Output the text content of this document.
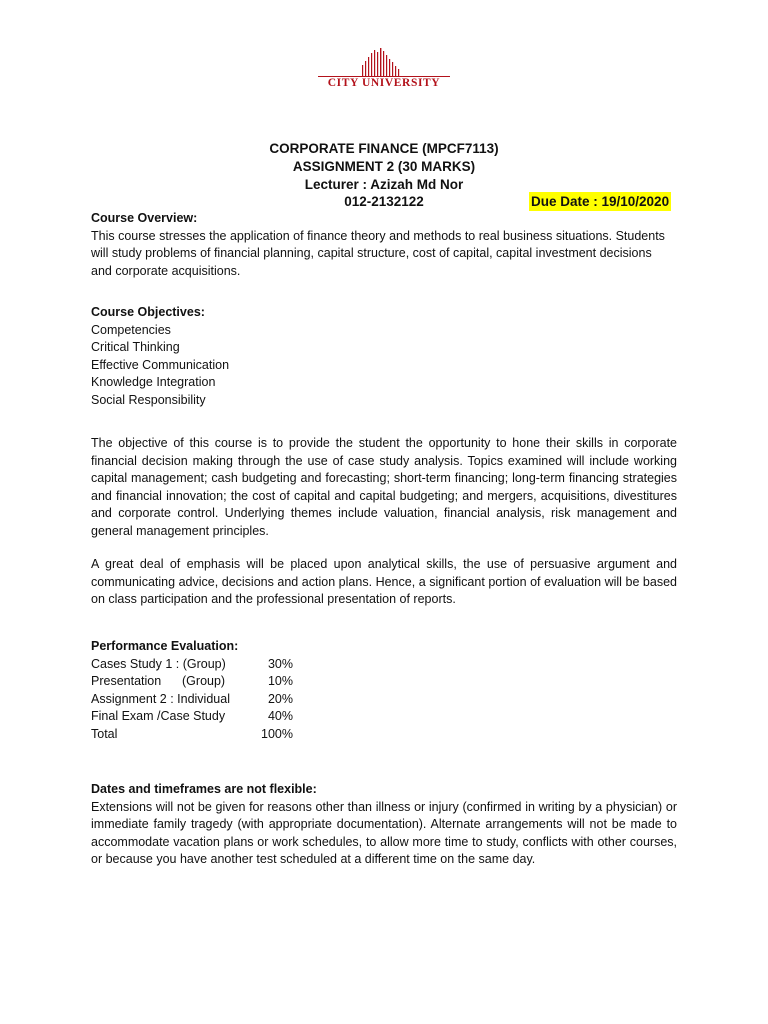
CITY UNIVERSITY
CORPORATE FINANCE (MPCF7113)
ASSIGNMENT 2 (30 MARKS)
Lecturer : Azizah Md Nor
012-2132122	Due Date : 19/10/2020
Course Overview:
This course stresses the application of finance theory and methods to real business situations. Students
will study problems of financial planning, capital structure, cost of capital, capital investment decisions
and corporate acquisitions.
Course Objectives:
Competencies
Critical Thinking
Effective Communication
Knowledge Integration
Social Responsibility

The objective of this course is to provide the student the opportunity to hone their skills in corporate financial decision making through the use of case study analysis. Topics examined will include working capital management; cash budgeting and forecasting; short-term financing; long-term financing strategies and financial innovation; the cost of capital and capital budgeting; and mergers, acquisitions, divestitures and corporate control. Underlying themes include valuation, financial analysis, risk management and general management principles.

A great deal of emphasis will be placed upon analytical skills, the use of persuasive argument and communicating advice, decisions and action plans. Hence, a significant portion of evaluation will be based on class participation and the professional presentation of reports.

Performance Evaluation:
Cases Study 1 : (Group)	30%
Presentation      (Group)	10%
Assignment 2 : Individual	20%
Final Exam /Case Study	40%
Total	100%
Dates and timeframes are not flexible:

Extensions will not be given for reasons other than illness or injury (confirmed in writing by a physician) or immediate family tragedy (with appropriate documentation). Alternate arrangements will not be made to accommodate vacation plans or work schedules, to allow more time to study, conflicts with other courses, or because you have another test scheduled at a different time on the same day.
